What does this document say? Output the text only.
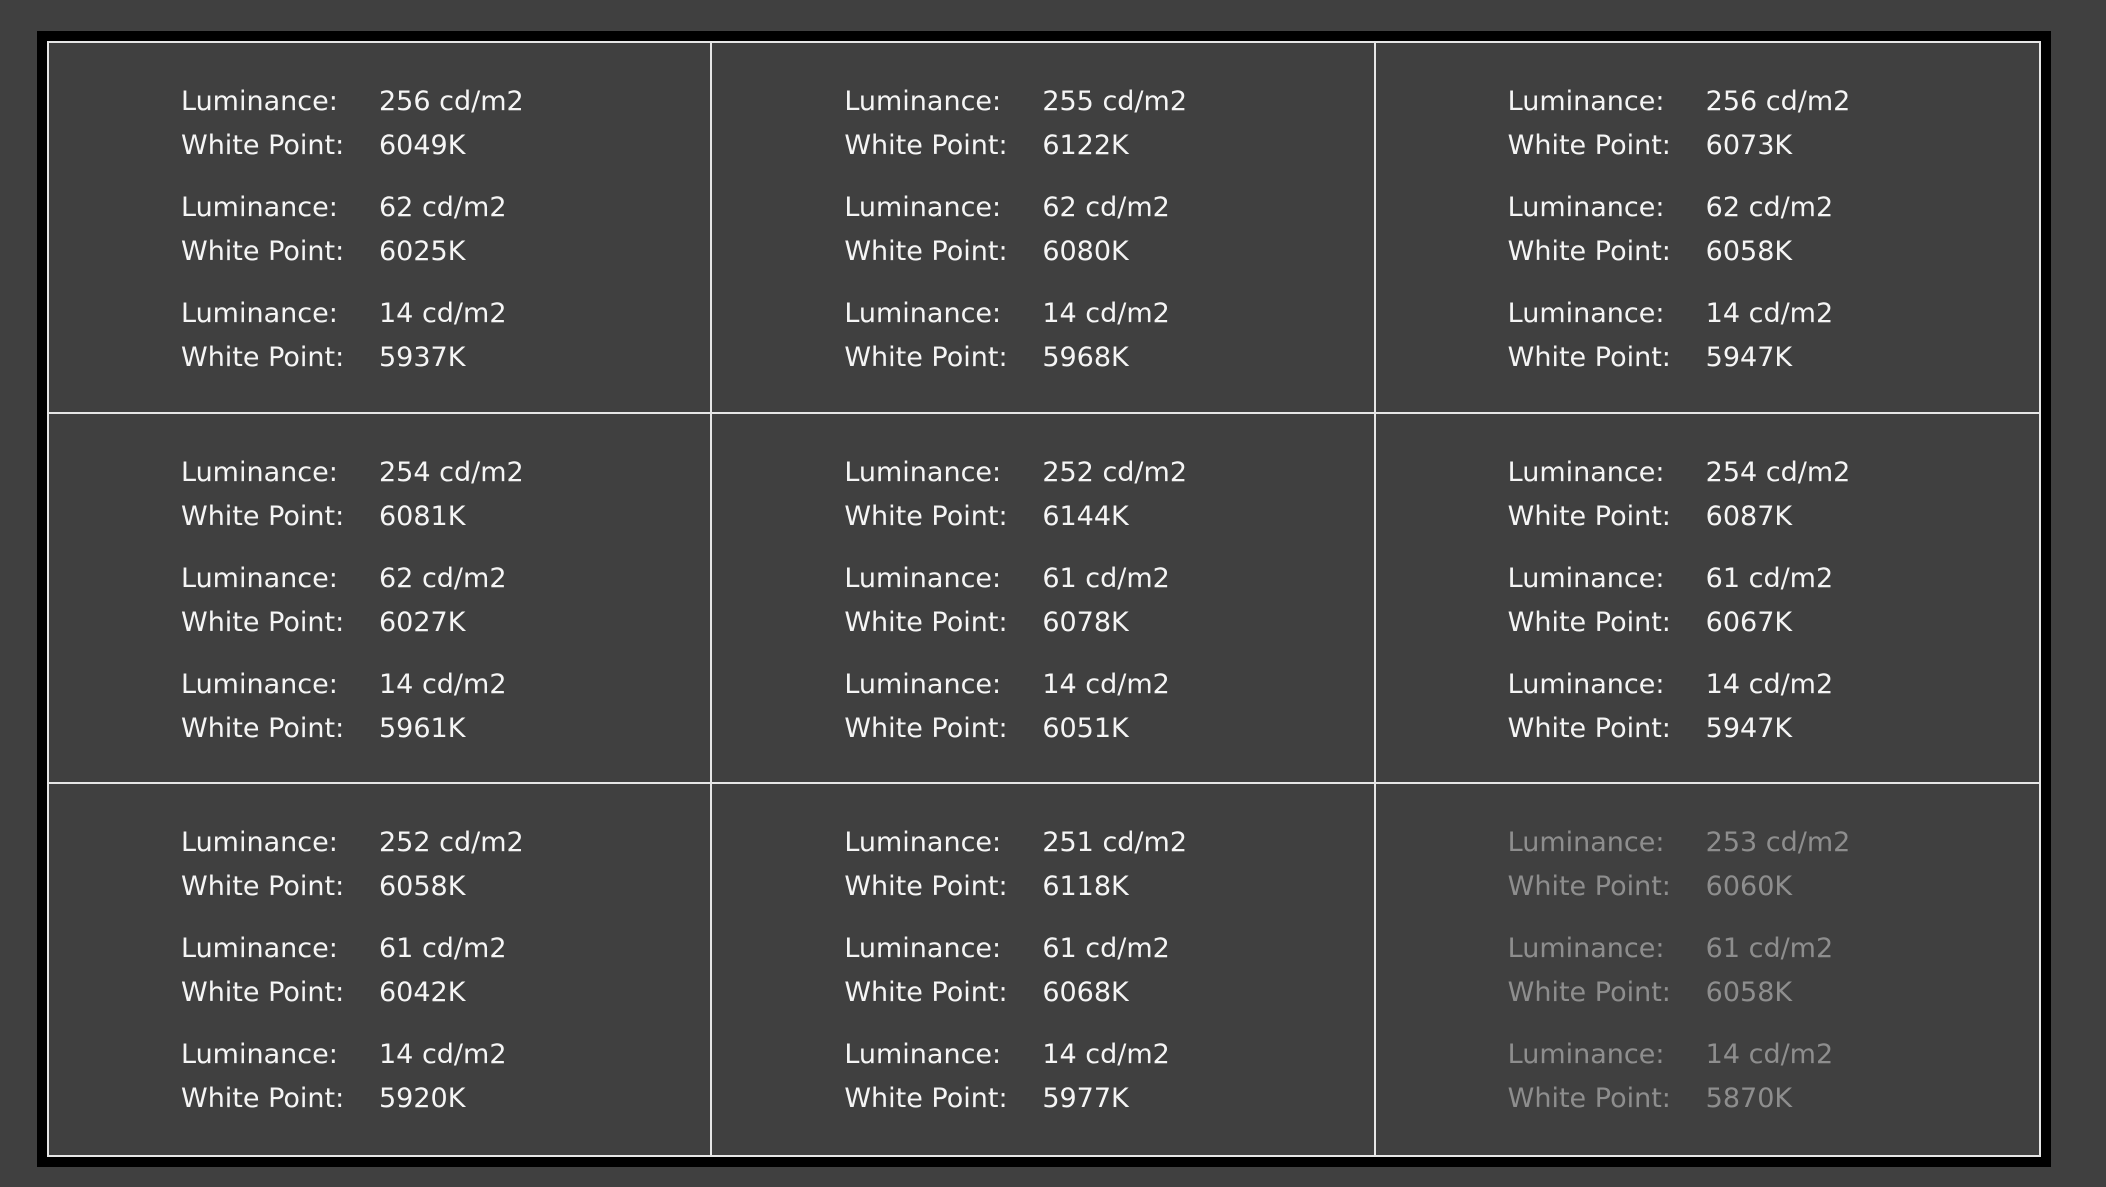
Luminance: 256 cd/m2
White Point: 6049K
Luminance: 62 cd/m2
White Point: 6025K
Luminance: 14 cd/m2
White Point: 5937K
Luminance: 255 cd/m2
White Point: 6122K
Luminance: 62 cd/m2
White Point: 6080K
Luminance: 14 cd/m2
White Point: 5968K
Luminance: 256 cd/m2
White Point: 6073K
Luminance: 62 cd/m2
White Point: 6058K
Luminance: 14 cd/m2
White Point: 5947K
Luminance: 254 cd/m2
White Point: 6081K
Luminance: 62 cd/m2
White Point: 6027K
Luminance: 14 cd/m2
White Point: 5961K
Luminance: 252 cd/m2
White Point: 6144K
Luminance: 61 cd/m2
White Point: 6078K
Luminance: 14 cd/m2
White Point: 6051K
Luminance: 254 cd/m2
White Point: 6087K
Luminance: 61 cd/m2
White Point: 6067K
Luminance: 14 cd/m2
White Point: 5947K
Luminance: 252 cd/m2
White Point: 6058K
Luminance: 61 cd/m2
White Point: 6042K
Luminance: 14 cd/m2
White Point: 5920K
Luminance: 251 cd/m2
White Point: 6118K
Luminance: 61 cd/m2
White Point: 6068K
Luminance: 14 cd/m2
White Point: 5977K
Luminance: 253 cd/m2
White Point: 6060K
Luminance: 61 cd/m2
White Point: 6058K
Luminance: 14 cd/m2
White Point: 5870K
